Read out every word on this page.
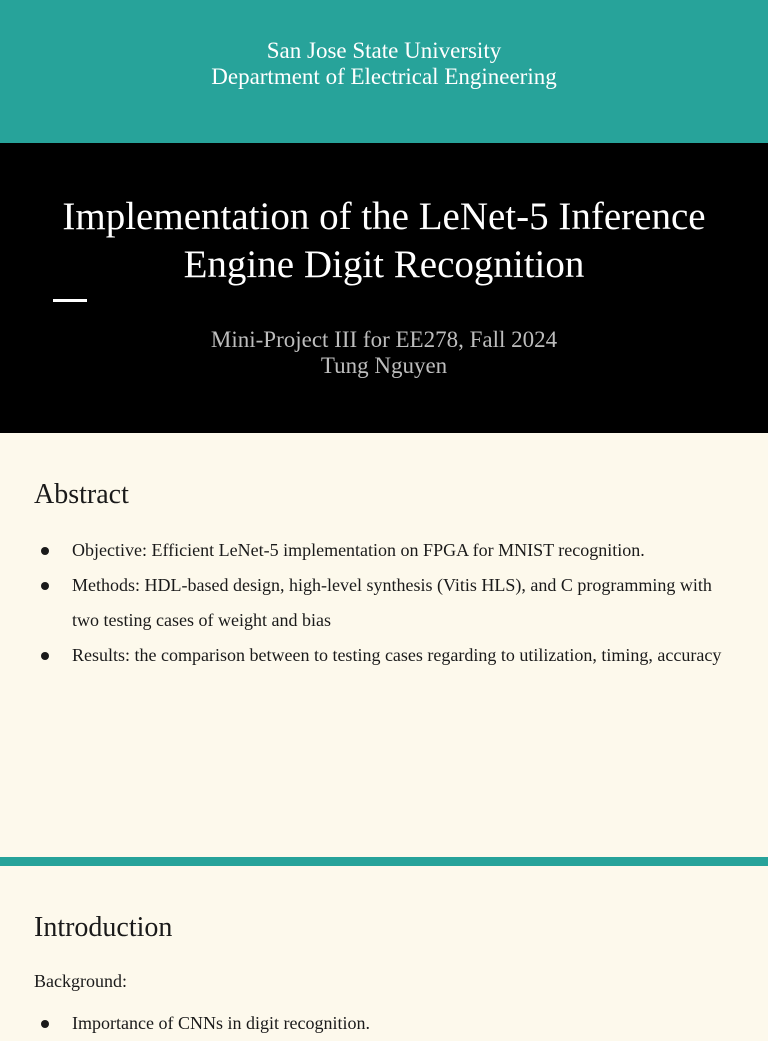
San Jose State University
Department of Electrical Engineering
Implementation of the LeNet-5 Inference Engine Digit Recognition
Mini-Project III for EE278, Fall 2024
Tung Nguyen
Abstract
Objective: Efficient LeNet-5 implementation on FPGA for MNIST recognition.
Methods: HDL-based design, high-level synthesis (Vitis HLS), and C programming with two testing cases of weight and bias
Results: the comparison between to testing cases regarding to utilization, timing, accuracy
Introduction
Background:
Importance of CNNs in digit recognition.
